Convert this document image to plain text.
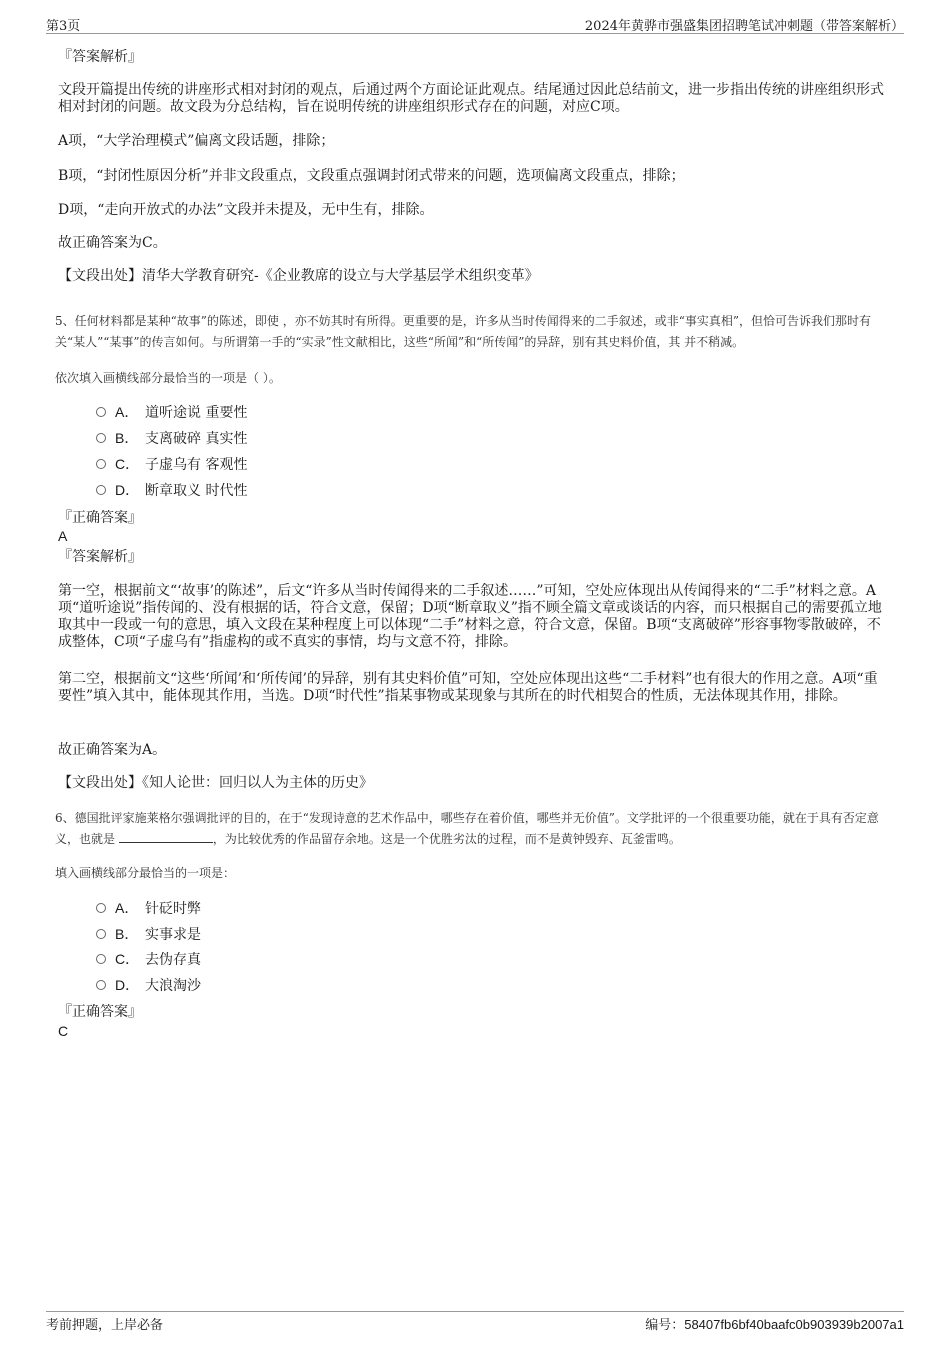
第3页	2024年黄骅市强盛集团招聘笔试冲刺题（带答案解析）
『答案解析』
文段开篇提出传统的讲座形式相对封闭的观点，后通过两个方面论证此观点。结尾通过因此总结前文，进一步指出传统的讲座组织形式相对封闭的问题。故文段为分总结构，旨在说明传统的讲座组织形式存在的问题，对应C项。
A项，“大学治理模式”偏离文段话题，排除；
B项，“封闭性原因分析”并非文段重点，文段重点强调封闭式带来的问题，选项偏离文段重点，排除；
D项，“走向开放式的办法”文段并未提及，无中生有，排除。
故正确答案为C。
【文段出处】清华大学教育研究-《企业教席的设立与大学基层学术组织变革》
5、任何材料都是某种“故事”的陈述，即使 ，亦不妨其时有所得。更重要的是，许多从当时传闻得来的二手叙述，或非“事实真相”，但恰可告诉我们那时有关“某人”“某事”的传言如何。与所谓第一手的“实录”性文献相比，这些“所闻”和“所传闻”的异辞，别有其史料价值，其 并不稍减。
依次填入画横线部分最恰当的一项是（ ）。
A． 道听途说 重要性
B． 支离破碎 真实性
C． 子虚乌有 客观性
D． 断章取义 时代性
『正确答案』
A
『答案解析』
第一空，根据前文“‘故事’的陈述”，后文“许多从当时传闻得来的二手叙述……”可知，空处应体现出从传闻得来的“二手”材料之意。A项“道听途说”指传闻的、没有根据的话，符合文意，保留；D项“断章取义”指不顾全篇文章或谈话的内容，而只根据自己的需要孤立地取其中一段或一句的意思，填入文段在某种程度上可以体现“二手”材料之意，符合文意，保留。B项“支离破碎”形容事物零散破碎，不成整体，C项“子虚乌有”指虚构的或不真实的事情，均与文意不符，排除。
第二空，根据前文“这些‘所闻’和‘所传闻’的异辞，别有其史料价值”可知，空处应体现出这些“二手材料”也有很大的作用之意。A项“重要性”填入其中，能体现其作用，当选。D项“时代性”指某事物或某现象与其所在的时代相契合的性质，无法体现其作用，排除。
故正确答案为A。
【文段出处】《知人论世：回归以人为主体的历史》
6、德国批评家施莱格尔强调批评的目的，在于“发现诗意的艺术作品中，哪些存在着价值，哪些并无价值”。文学批评的一个很重要功能，就在于具有否定意义，也就是	，为比较优秀的作品留存余地。这是一个优胜劣汰的过程，而不是黄钟毁弃、瓦釜雷鸣。
填入画横线部分最恰当的一项是：
A． 针砭时弊
B． 实事求是
C． 去伪存真
D． 大浪淘沙
『正确答案』
C
考前押题，上岸必备	编号：58407fb6bf40baafc0b903939b2007a1
